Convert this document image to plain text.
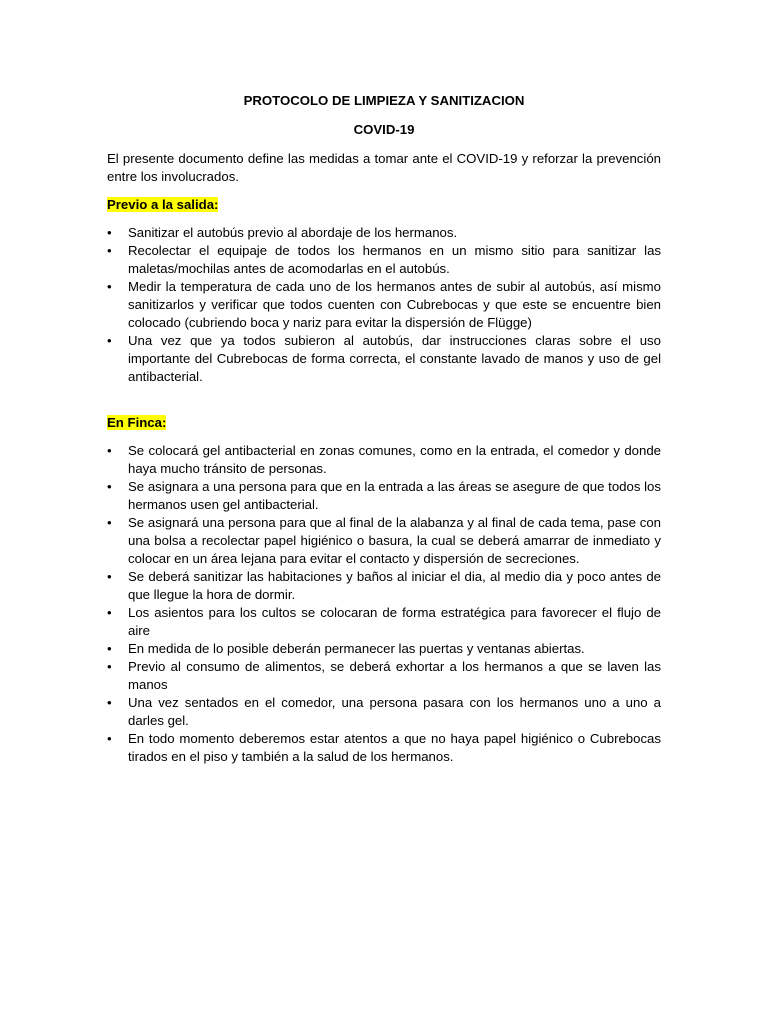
PROTOCOLO DE LIMPIEZA Y SANITIZACION
COVID-19
El presente documento define las medidas a tomar ante el COVID-19 y reforzar la prevención entre los involucrados.
Previo a la salida:
• Sanitizar el autobús previo al abordaje de los hermanos.
• Recolectar el equipaje de todos los hermanos en un mismo sitio para sanitizar las maletas/mochilas antes de acomodarlas en el autobús.
• Medir la temperatura de cada uno de los hermanos antes de subir al autobús, así mismo sanitizarlos y verificar que todos cuenten con Cubrebocas y que este se encuentre bien colocado (cubriendo boca y nariz para evitar la dispersión de Flügge)
• Una vez que ya todos subieron al autobús, dar instrucciones claras sobre el uso importante del Cubrebocas de forma correcta, el constante lavado de manos y uso de gel antibacterial.
En Finca:
• Se colocará gel antibacterial en zonas comunes, como en la entrada, el comedor y donde haya mucho tránsito de personas.
• Se asignara a una persona para que en la entrada a las áreas se asegure de que todos los hermanos usen gel antibacterial.
• Se asignará una persona para que al final de la alabanza y al final de cada tema, pase con una bolsa a recolectar papel higiénico o basura, la cual se deberá amarrar de inmediato y colocar en un área lejana para evitar el contacto y dispersión de secreciones.
• Se deberá sanitizar las habitaciones y baños al iniciar el dia, al medio dia y poco antes de que llegue la hora de dormir.
• Los asientos para los cultos se colocaran de forma estratégica para favorecer el flujo de aire
• En medida de lo posible deberán permanecer las puertas y ventanas abiertas.
• Previo al consumo de alimentos, se deberá exhortar a los hermanos a que se laven las manos
• Una vez sentados en el comedor, una persona pasara con los hermanos uno a uno a darles gel.
• En todo momento deberemos estar atentos a que no haya papel higiénico o Cubrebocas tirados en el piso y también a la salud de los hermanos.
